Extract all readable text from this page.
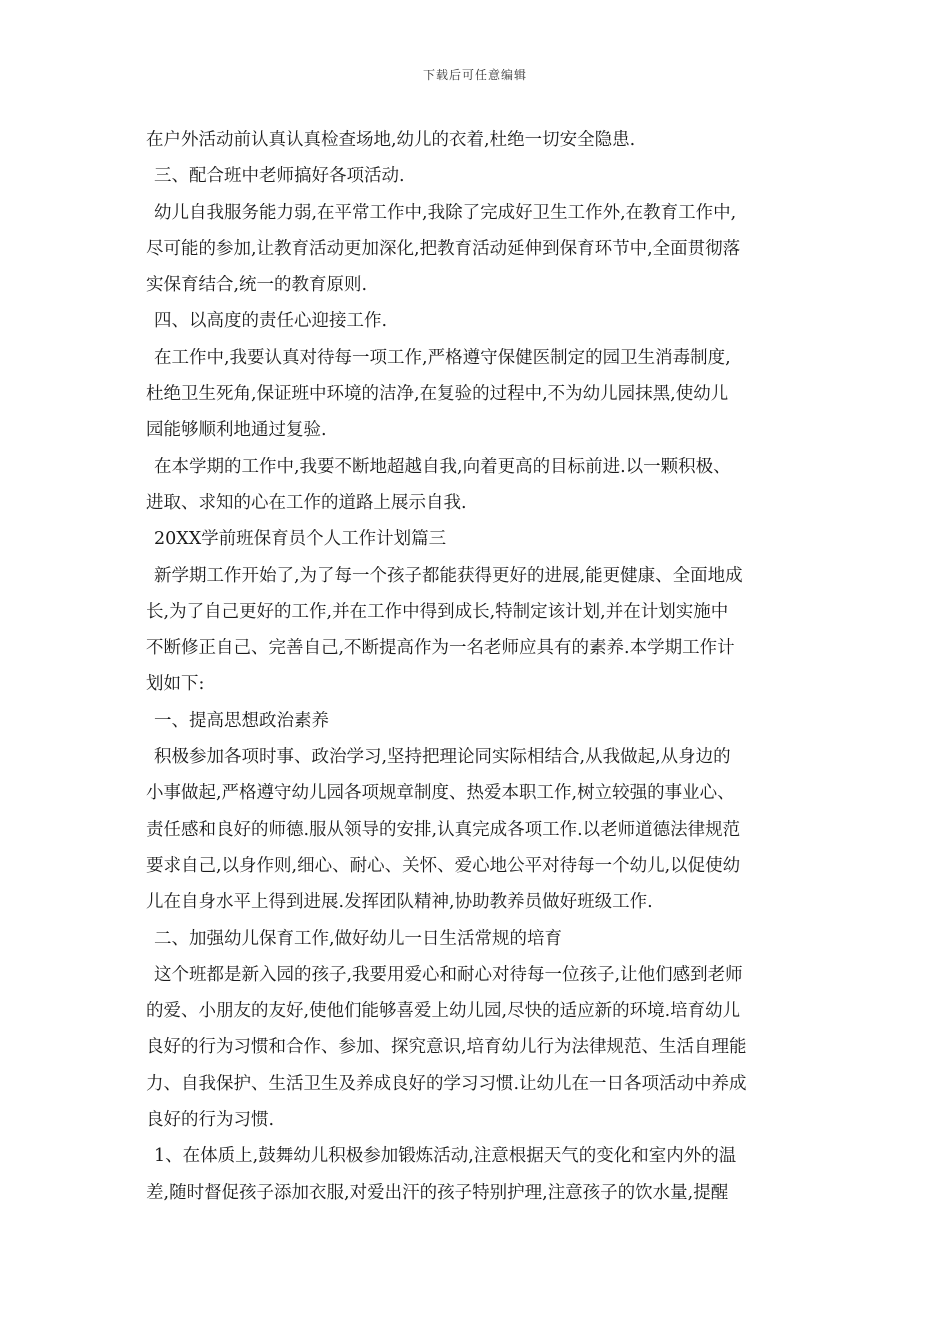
下载后可任意编辑
在户外活动前认真认真检查场地,幼儿的衣着,杜绝一切安全隐患.
三、配合班中老师搞好各项活动.
幼儿自我服务能力弱,在平常工作中,我除了完成好卫生工作外,在教育工作中,
尽可能的参加,让教育活动更加深化,把教育活动延伸到保育环节中,全面贯彻落
实保育结合,统一的教育原则.
四、以高度的责任心迎接工作.
在工作中,我要认真对待每一项工作,严格遵守保健医制定的园卫生消毒制度,
杜绝卫生死角,保证班中环境的洁净,在复验的过程中,不为幼儿园抹黑,使幼儿
园能够顺利地通过复验.
在本学期的工作中,我要不断地超越自我,向着更高的目标前进.以一颗积极、
进取、求知的心在工作的道路上展示自我.
20XX学前班保育员个人工作计划篇三
新学期工作开始了,为了每一个孩子都能获得更好的进展,能更健康、全面地成
长,为了自己更好的工作,并在工作中得到成长,特制定该计划,并在计划实施中
不断修正自己、完善自己,不断提高作为一名老师应具有的素养.本学期工作计
划如下:
一、提高思想政治素养
积极参加各项时事、政治学习,坚持把理论同实际相结合,从我做起,从身边的
小事做起,严格遵守幼儿园各项规章制度、热爱本职工作,树立较强的事业心、
责任感和良好的师德.服从领导的安排,认真完成各项工作.以老师道德法律规范
要求自己,以身作则,细心、耐心、关怀、爱心地公平对待每一个幼儿,以促使幼
儿在自身水平上得到进展.发挥团队精神,协助教养员做好班级工作.
二、加强幼儿保育工作,做好幼儿一日生活常规的培育
这个班都是新入园的孩子,我要用爱心和耐心对待每一位孩子,让他们感到老师
的爱、小朋友的友好,使他们能够喜爱上幼儿园,尽快的适应新的环境.培育幼儿
良好的行为习惯和合作、参加、探究意识,培育幼儿行为法律规范、生活自理能
力、自我保护、生活卫生及养成良好的学习习惯.让幼儿在一日各项活动中养成
良好的行为习惯.
1、在体质上,鼓舞幼儿积极参加锻炼活动,注意根据天气的变化和室内外的温
差,随时督促孩子添加衣服,对爱出汗的孩子特别护理,注意孩子的饮水量,提醒
